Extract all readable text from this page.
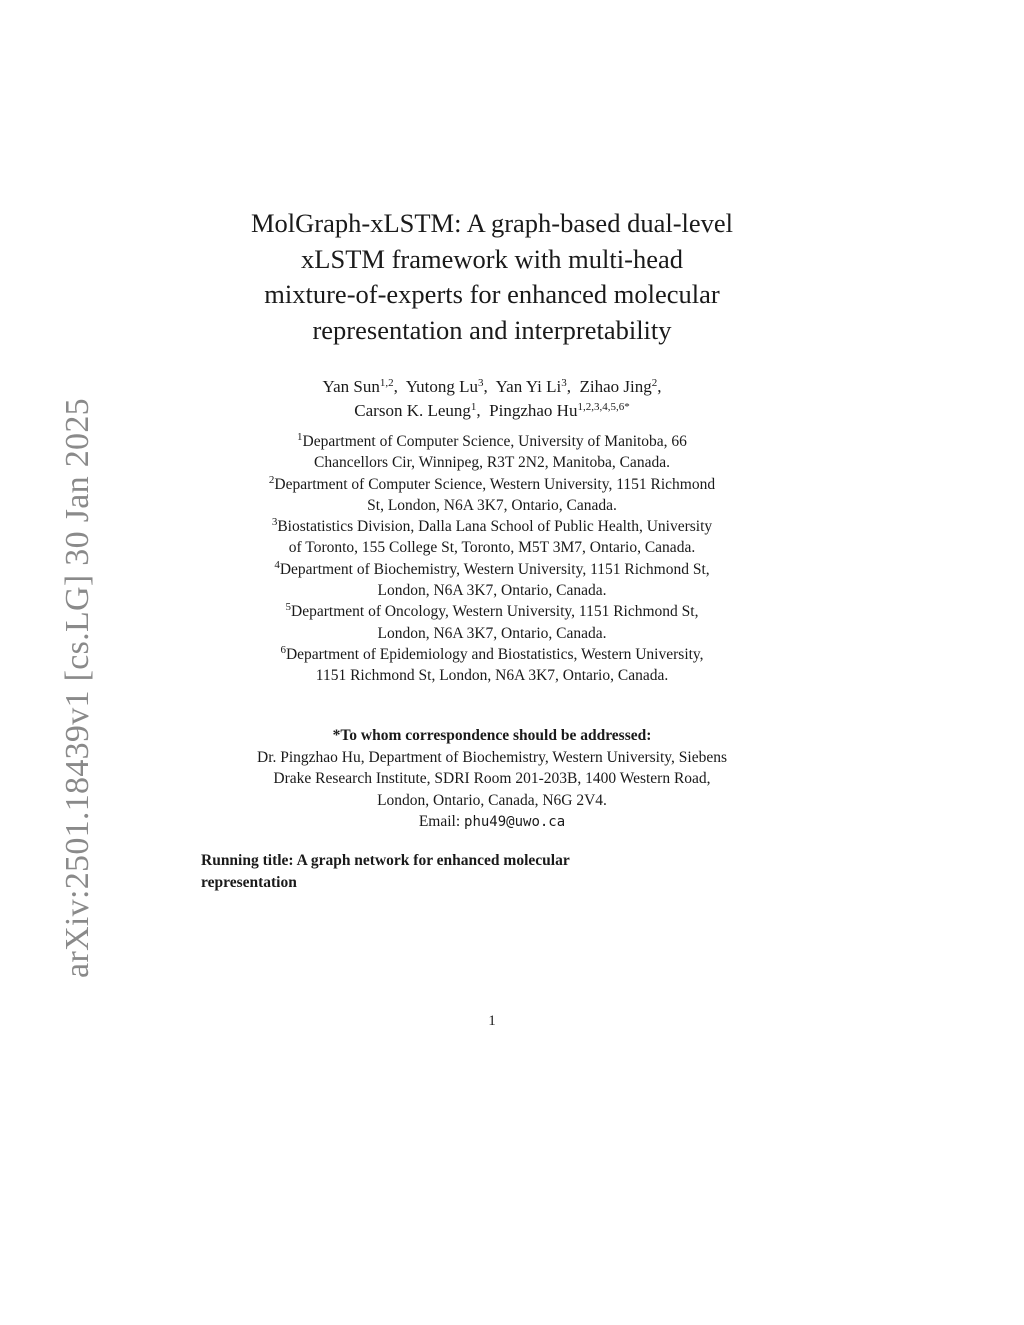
arXiv:2501.18439v1 [cs.LG] 30 Jan 2025
MolGraph-xLSTM: A graph-based dual-level
xLSTM framework with multi-head
mixture-of-experts for enhanced molecular
representation and interpretability
Yan Sun$^{1,2}$,  Yutong Lu$^3$,  Yan Yi Li$^3$,  Zihao Jing$^2$,
Carson K. Leung$^1$,  Pingzhao $Hu^{1,2,3,4,5,6*}$
$^1$Department of Computer Science, University of Manitoba, 66
Chancellors Cir, Winnipeg, R3T 2N2, Manitoba, Canada.
$^2$Department of Computer Science, Western University, 1151 Richmond
St, London, N6A 3K7, Ontario, Canada.
$^3$Biostatistics Division, Dalla Lana School of Public Health, University
of Toronto, 155 College St, Toronto, M5T 3M7, Ontario, Canada.
$^4$Department of Biochemistry, Western University, 1151 Richmond St,
London, N6A 3K7, Ontario, Canada.
$^5$Department of Oncology, Western University, 1151 Richmond St,
London, N6A 3K7, Ontario, Canada.
$^6$Department of Epidemiology and Biostatistics, Western University,
1151 Richmond St, London, N6A 3K7, Ontario, Canada.
*To whom correspondence should be addressed:
Dr. Pingzhao Hu, Department of Biochemistry, Western University, Siebens
Drake Research Institute, SDRI Room 201-203B, 1400 Western Road,
London, Ontario, Canada, N6G 2V4.
Email: phu49@uwo.ca
Running title: A graph network for enhanced molecular
representation
1
